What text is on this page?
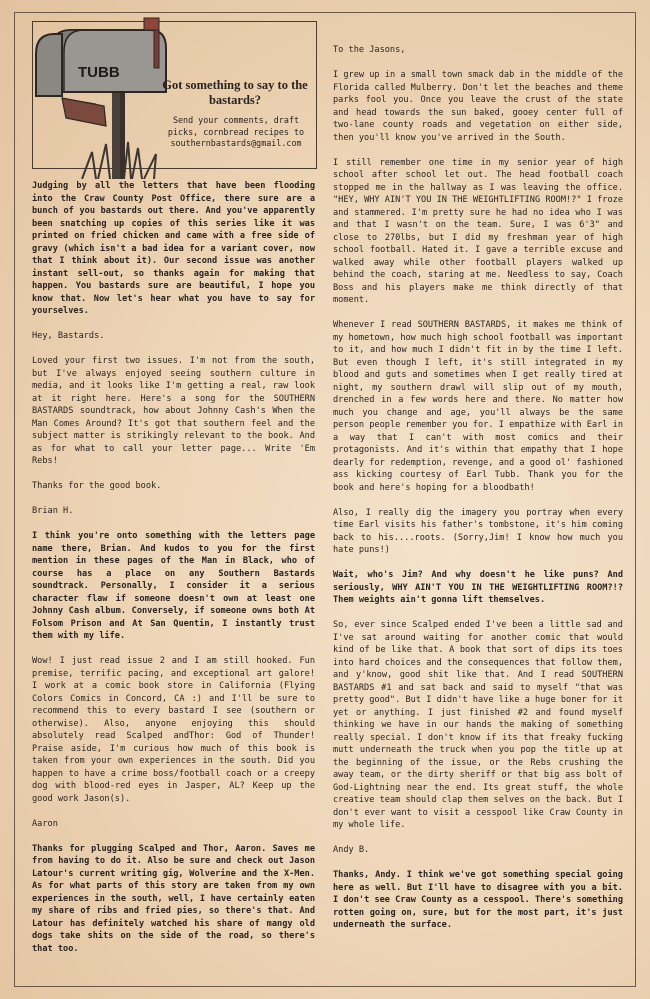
TUBB
Got something to say to the bastards?
Send your comments, draft picks, cornbread recipes to southernbastards@gmail.com

Judging by all the letters that have been flooding into the Craw County Post Office, there sure are a bunch of you bastards out there. And you've apparently been snatching up copies of this series like it was printed on fried chicken and came with a free side of gravy (which isn't a bad idea for a variant cover, now that I think about it). Our second issue was another instant sell-out, so thanks again for making that happen. You bastards sure are beautiful, I hope you know that. Now let's hear what you have to say for yourselves.

Hey, Bastards.

Loved your first two issues. I'm not from the south, but I've always enjoyed seeing southern culture in media, and it looks like I'm getting a real, raw look at it right here. Here's a song for the SOUTHERN BASTARDS soundtrack, how about Johnny Cash's When the Man Comes Around? It's got that southern feel and the subject matter is strikingly relevant to the book. And as for what to call your letter page... Write 'Em Rebs!

Thanks for the good book.

Brian H.

I think you're onto something with the letters page name there, Brian. And kudos to you for the first mention in these pages of the Man in Black, who of course has a place on any Southern Bastards soundtrack. Personally, I consider it a serious character flaw if someone doesn't own at least one Johnny Cash album. Conversely, if someone owns both At Folsom Prison and At San Quentin, I instantly trust them with my life.

Wow! I just read issue 2 and I am still hooked. Fun premise, terrific pacing, and exceptional art galore! I work at a comic book store in California (Flying Colors Comics in Concord, CA :) and I'll be sure to recommend this to every bastard I see (southern or otherwise). Also, anyone enjoying this should absolutely read Scalped andThor: God of Thunder! Praise aside, I'm curious how much of this book is taken from your own experiences in the south. Did you happen to have a crime boss/football coach or a creepy dog with blood-red eyes in Jasper, AL? Keep up the good work Jason(s).

Aaron

Thanks for plugging Scalped and Thor, Aaron. Saves me from having to do it. Also be sure and check out Jason Latour's current writing gig, Wolverine and the X-Men. As for what parts of this story are taken from my own experiences in the south, well, I have certainly eaten my share of ribs and fried pies, so there's that. And Latour has definitely watched his share of mangy old dogs take shits on the side of the road, so there's that too.

To the Jasons,

I grew up in a small town smack dab in the middle of the Florida called Mulberry. Don't let the beaches and theme parks fool you. Once you leave the crust of the state and head towards the sun baked, gooey center full of two-lane county roads and vegetation on either side, then you'll know you've arrived in the South.

I still remember one time in my senior year of high school after school let out. The head football coach stopped me in the hallway as I was leaving the office. "HEY, WHY AIN'T YOU IN THE WEIGHTLIFTING ROOM!?" I froze and stammered. I'm pretty sure he had no idea who I was and that I wasn't on the team. Sure, I was 6'3" and close to 270lbs, but I did my freshman year of high school football. Hated it. I gave a terrible excuse and walked away while other football players walked up behind the coach, staring at me. Needless to say, Coach Boss and his players make me think directly of that moment.

Whenever I read SOUTHERN BASTARDS, it makes me think of my hometown, how much high school football was important to it, and how much I didn't fit in by the time I left. But even though I left, it's still integrated in my blood and guts and sometimes when I get really tired at night, my southern drawl will slip out of my mouth, drenched in a few words here and there. No matter how much you change and age, you'll always be the same person people remember you for. I empathize with Earl in a way that I can't with most comics and their protagonists. And it's within that empathy that I hope dearly for redemption, revenge, and a good ol' fashioned ass kicking courtesy of Earl Tubb. Thank you for the book and here's hoping for a bloodbath!

Also, I really dig the imagery you portray when every time Earl visits his father's tombstone, it's him coming back to his....roots. (Sorry,Jim! I know how much you hate puns!)

Wait, who's Jim? And why doesn't he like puns? And seriously, WHY AIN'T YOU IN THE WEIGHTLIFTING ROOM?!? Them weights ain't gonna lift themselves.

So, ever since Scalped ended I've been a little sad and I've sat around waiting for another comic that would kind of be like that. A book that sort of dips its toes into hard choices and the consequences that follow them, and y'know, good shit like that. And I read SOUTHERN BASTARDS #1 and sat back and said to myself "that was pretty good". But I didn't have like a huge boner for it yet or anything. I just finished #2 and found myself thinking we have in our hands the making of something really special. I don't know if its that freaky fucking mutt underneath the truck when you pop the title up at the beginning of the issue, or the Rebs crushing the away team, or the dirty sheriff or that big ass bolt of God-Lightning near the end. Its great stuff, the whole creative team should clap them selves on the back. But I don't ever want to visit a cesspool like Craw County in my whole life.

Andy B.

Thanks, Andy. I think we've got something special going here as well. But I'll have to disagree with you a bit. I don't see Craw County as a cesspool. There's something rotten going on, sure, but for the most part, it's just underneath the surface.
